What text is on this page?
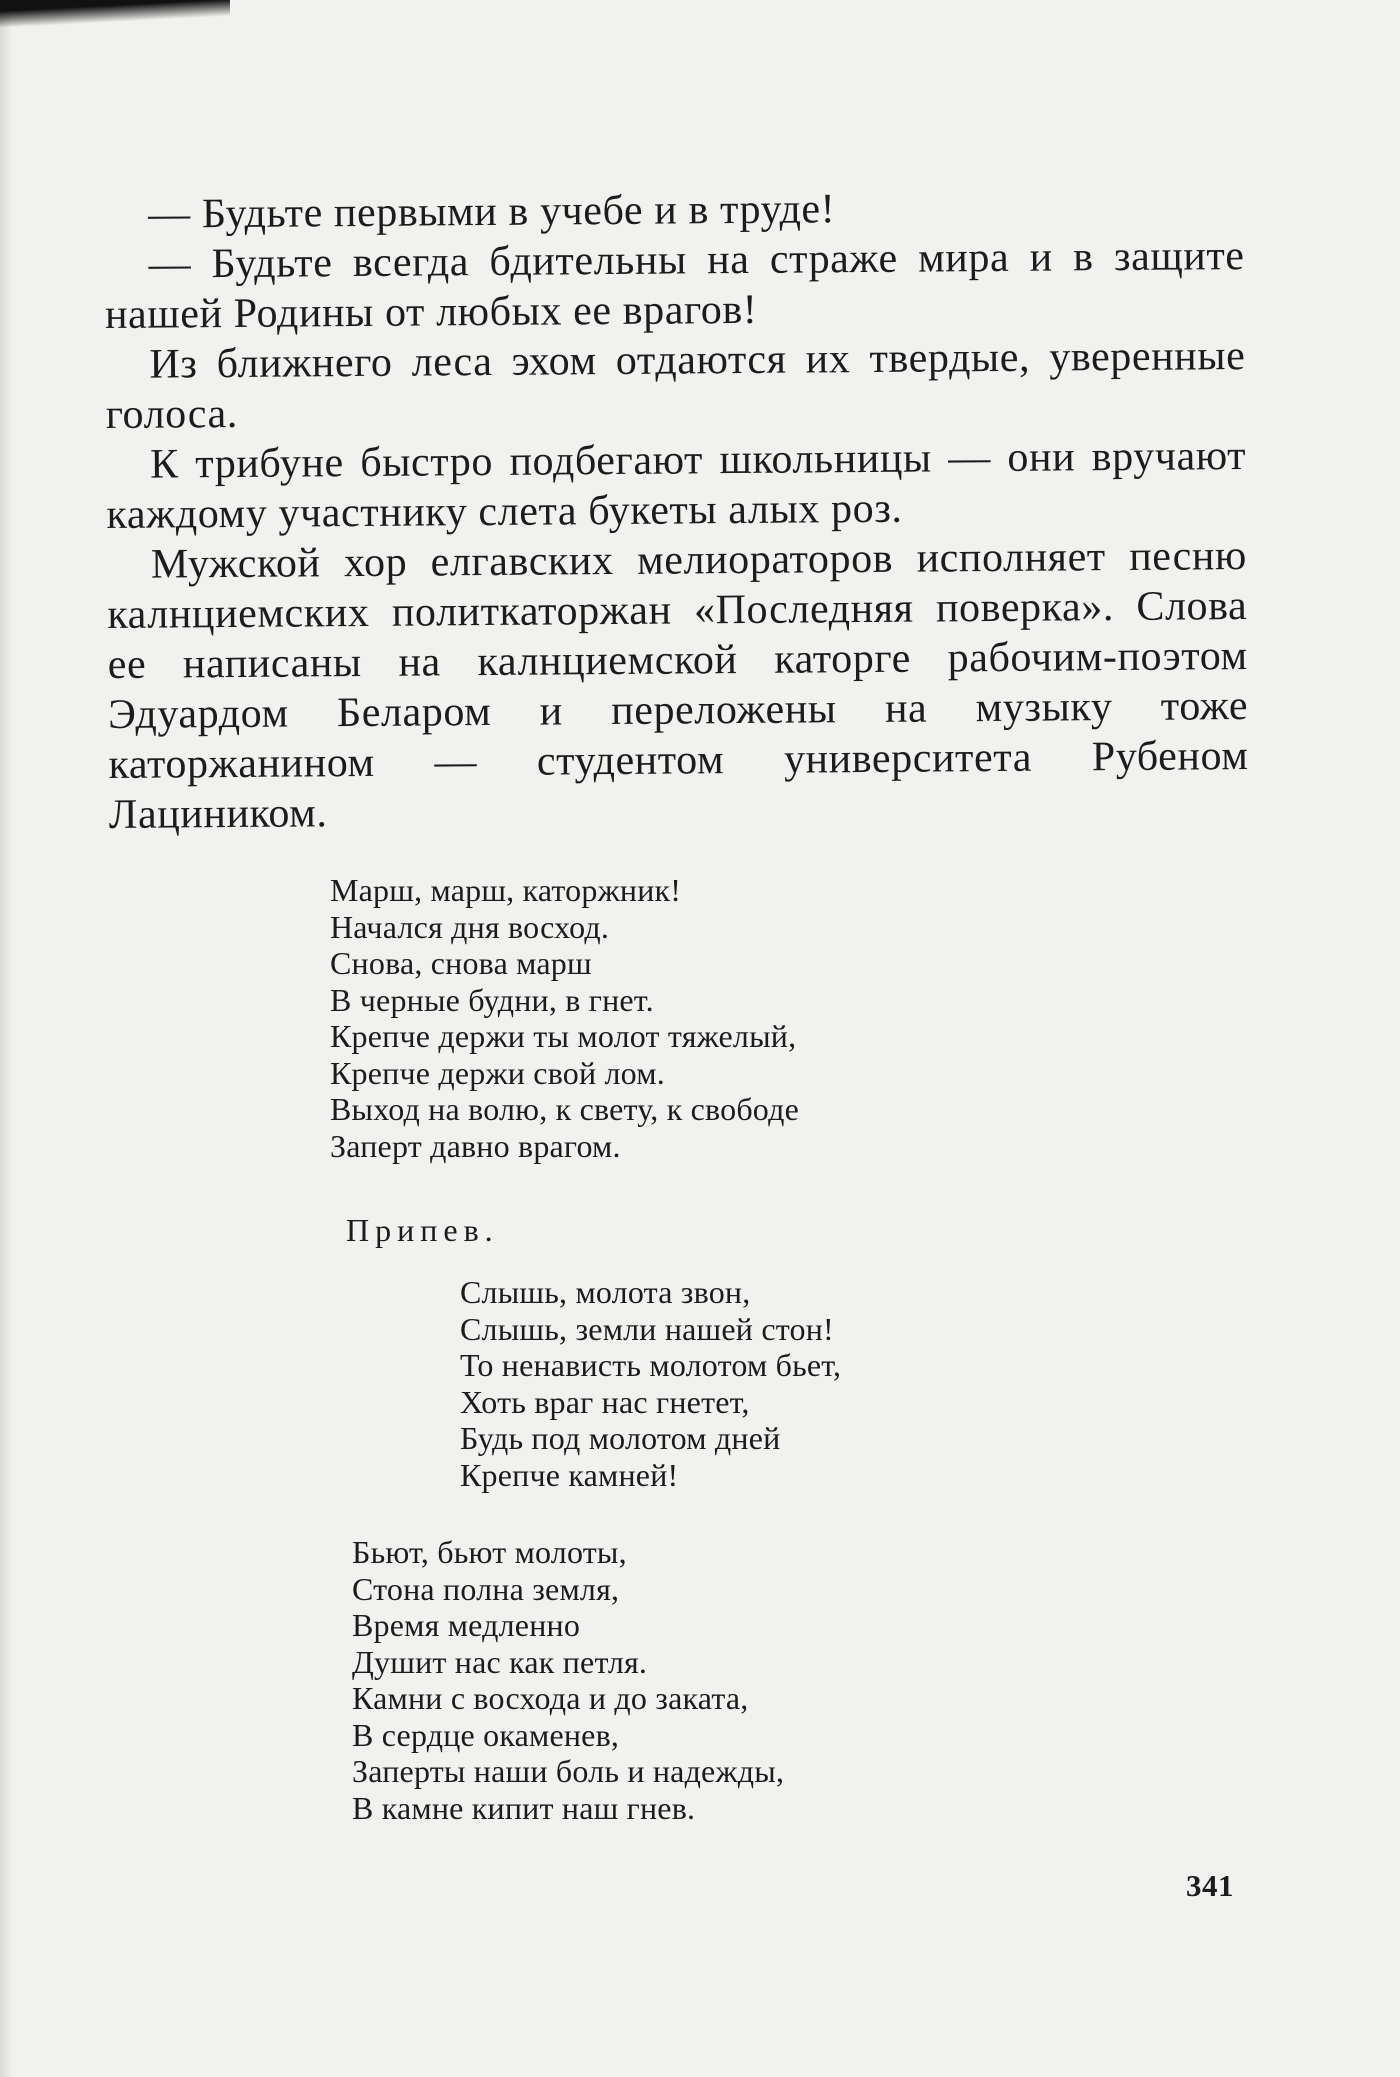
— Будьте первыми в учебе и в труде!

— Будьте всегда бдительны на страже мира и в защите нашей Родины от любых ее врагов!

Из ближнего леса эхом отдаются их твердые, уверенные голоса.

К трибуне быстро подбегают школьницы — они вручают каждому участнику слета букеты алых роз.

Мужской хор елгавских мелиораторов исполняет песню калнциемских политкаторжан «Последняя поверка». Слова ее написаны на калнциемской каторге рабочим-поэтом Эдуардом Беларом и переложены на музыку тоже каторжанином — студентом университета Рубеном Лациником.

Марш, марш, каторжник!
Начался дня восход.
Снова, снова марш
В черные будни, в гнет.
Крепче держи ты молот тяжелый,
Крепче держи свой лом.
Выход на волю, к свету, к свободе
Заперт давно врагом.
Припев.
Слышь, молота звон,
Слышь, земли нашей стон!
То ненависть молотом бьет,
Хоть враг нас гнетет,
Будь под молотом дней
Крепче камней!
Бьют, бьют молоты,
Стона полна земля,
Время медленно
Душит нас как петля.
Камни с восхода и до заката,
В сердце окаменев,
Заперты наши боль и надежды,
В камне кипит наш гнев.
341
